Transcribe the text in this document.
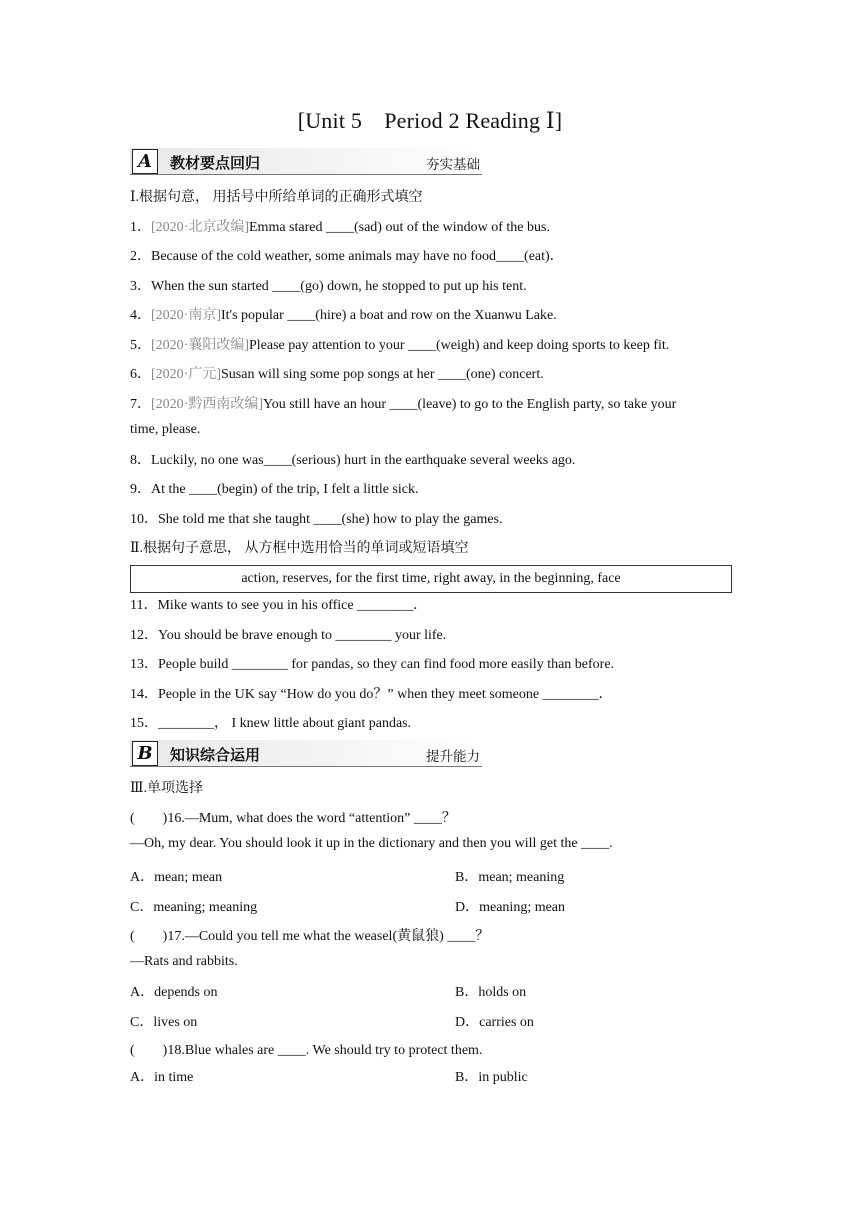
[Unit 5　Period 2 Reading Ⅰ]
A	教材要点回归	夯实基础
Ⅰ.根据句意， 用括号中所给单词的正确形式填空
1．[2020·北京改编]Emma stared ____(sad) out of the window of the bus.
2．Because of the cold weather, some animals may have no food____(eat)．
3．When the sun started ____(go) down, he stopped to put up his tent.
4．[2020·南京]It's popular ____(hire) a boat and row on the Xuanwu Lake.
5．[2020·襄阳改编]Please pay attention to your ____(weigh) and keep doing sports to keep fit.
6．[2020·广元]Susan will sing some pop songs at her ____(one) concert.
7．[2020·黔西南改编]You still have an hour ____(leave) to go to the English party, so take your
time, please.
8．Luckily, no one was____(serious) hurt in the earthquake several weeks ago.
9．At the ____(begin) of the trip, I felt a little sick.
10．She told me that she taught ____(she) how to play the games.
Ⅱ.根据句子意思， 从方框中选用恰当的单词或短语填空
action, reserves, for the first time, right away, in the beginning, face
11．Mike wants to see you in his office ________．
12．You should be brave enough to ________ your life.
13．People build ________ for pandas, so they can find food more easily than before.
14．People in the UK say “How do you do？” when they meet someone ________．
15．________， I knew little about giant pandas.
B	知识综合运用	提升能力
Ⅲ.单项选择
(　　)16.—Mum, what does the word “attention” ____？
—Oh, my dear. You should look it up in the dictionary and then you will get the ____.
A．mean; mean	B．mean; meaning
C．meaning; meaning	D．meaning; mean
(　　)17.—Could you tell me what the weasel(黄鼠狼) ____？
—Rats and rabbits.
A．depends on	B．holds on
C．lives on	D．carries on
(　　)18.Blue whales are ____. We should try to protect them.
A．in time	B．in public
